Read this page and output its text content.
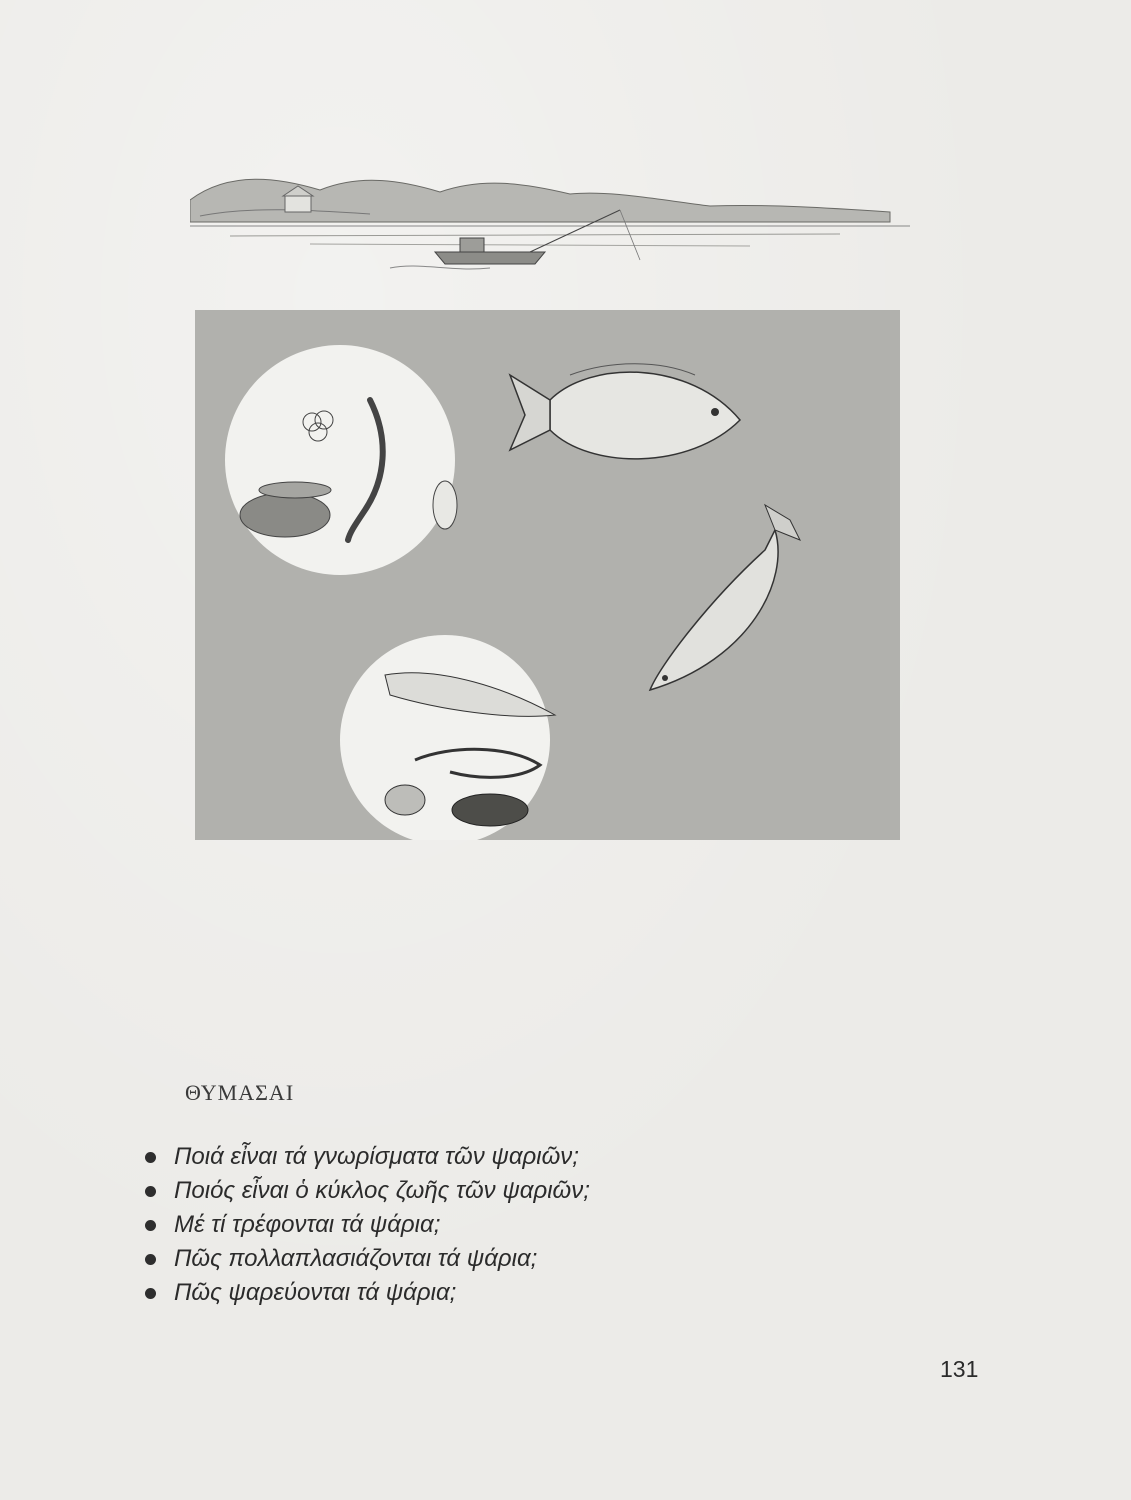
ΘΥΜΑΣΑΙ
Ποιά εἶναι τά γνωρίσματα τῶν ψαριῶν;
Ποιός εἶναι ὁ κύκλος ζωῆς τῶν ψαριῶν;
Μέ τί τρέφονται τά ψάρια;
Πῶς πολλαπλασιάζονται τά ψάρια;
Πῶς ψαρεύονται τά ψάρια;
131
